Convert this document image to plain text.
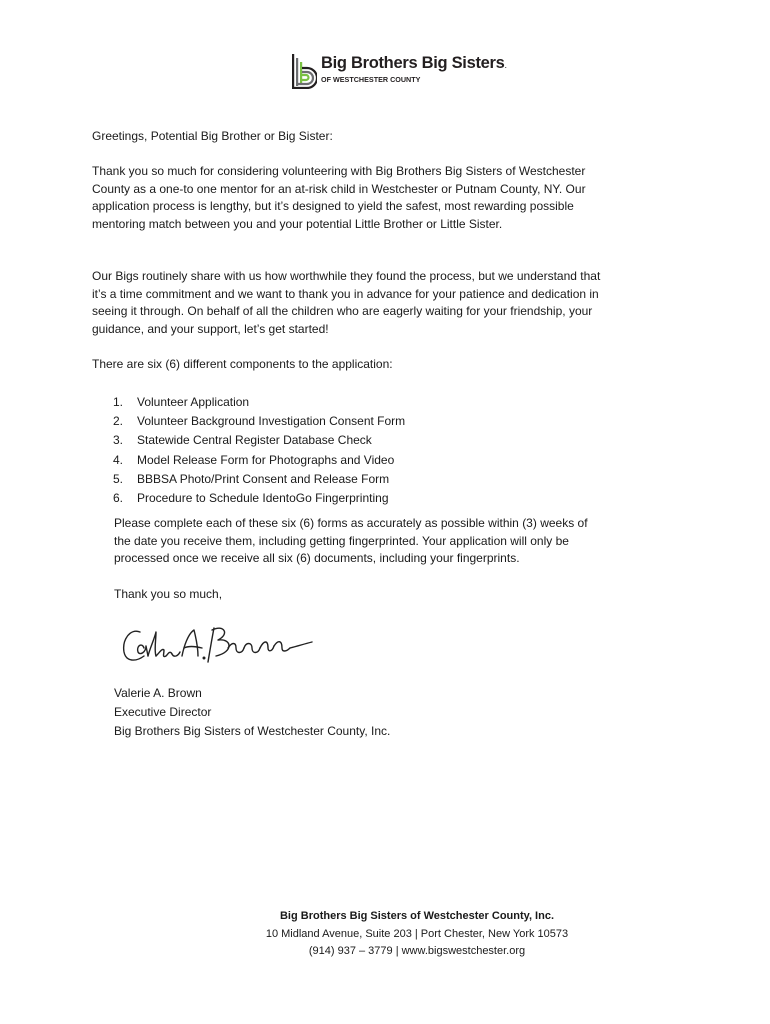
Big Brothers Big Sisters.
OF WESTCHESTER COUNTY

Greetings, Potential Big Brother or Big Sister:

Thank you so much for considering volunteering with Big Brothers Big Sisters of Westchester County as a one-to one mentor for an at-risk child in Westchester or Putnam County, NY. Our application process is lengthy, but it’s designed to yield the safest, most rewarding possible mentoring match between you and your potential Little Brother or Little Sister.

Our Bigs routinely share with us how worthwhile they found the process, but we understand that it’s a time commitment and we want to thank you in advance for your patience and dedication in seeing it through. On behalf of all the children who are eagerly waiting for your friendship, your guidance, and your support, let’s get started!

There are six (6) different components to the application:

1.	Volunteer Application
2.	Volunteer Background Investigation Consent Form
3.	Statewide Central Register Database Check
4.	Model Release Form for Photographs and Video
5.	BBBSA Photo/Print Consent and Release Form
6.	Procedure to Schedule IdentoGo Fingerprinting

Please complete each of these six (6) forms as accurately as possible within (3) weeks of the date you receive them, including getting fingerprinted. Your application will only be processed once we receive all six (6) documents, including your fingerprints.

Thank you so much,

Valerie A. Brown
Executive Director
Big Brothers Big Sisters of Westchester County, Inc.
Big Brothers Big Sisters of Westchester County, Inc.
10 Midland Avenue, Suite 203 | Port Chester, New York 10573
(914) 937 – 3779 | www.bigswestchester.org
